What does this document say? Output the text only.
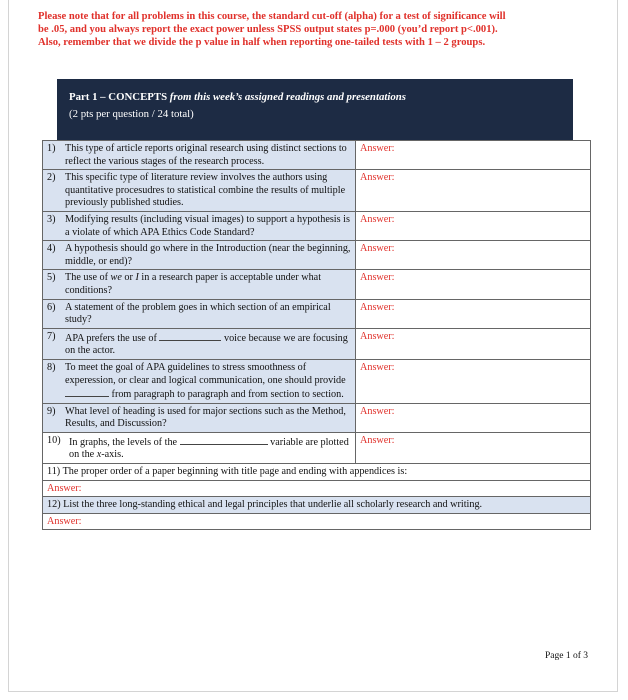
Please note that for all problems in this course, the standard cut-off (alpha) for a test of significance will
be .05, and you always report the exact power unless SPSS output states p=.000 (you’d report p<.001).
Also, remember that we divide the p value in half when reporting one-tailed tests with 1 – 2 groups.
Part 1 – CONCEPTS from this week’s assigned readings and presentations
(2 pts per question / 24 total)
1) This type of article reports original research using distinct sections to reflect the various stages of the research process.	Answer:

2) This specific type of literature review involves the authors using quantitative procesudres to statistical combine the results of multiple previously published studies.	Answer:

3) Modifying results (including visual images) to support a hypothesis is a violate of which APA Ethics Code Standard?	Answer:

4) A hypothesis should go where in the Introduction (near the beginning, middle, or end)?	Answer:

5) The use of we or I in a research paper is acceptable under what conditions?	Answer:

6) A statement of the problem goes in which section of an empirical study?	Answer:

7) APA prefers the use of voice because we are focusing on the actor.	Answer:

8) To meet the goal of APA guidelines to stress smoothness of experession, or clear and logical communication, one should provide from paragraph to paragraph and from section to section.	Answer:

9) What level of heading is used for major sections such as the Method, Results, and Discussion?	Answer:

10) In graphs, the levels of the variable are plotted on the x-axis.	Answer:
11) The proper order of a paper beginning with title page and ending with appendices is:	
Answer:	
12) List the three long-standing ethical and legal principles that underlie all scholarly research and writing.	
Answer:	
Page 1 of 3
